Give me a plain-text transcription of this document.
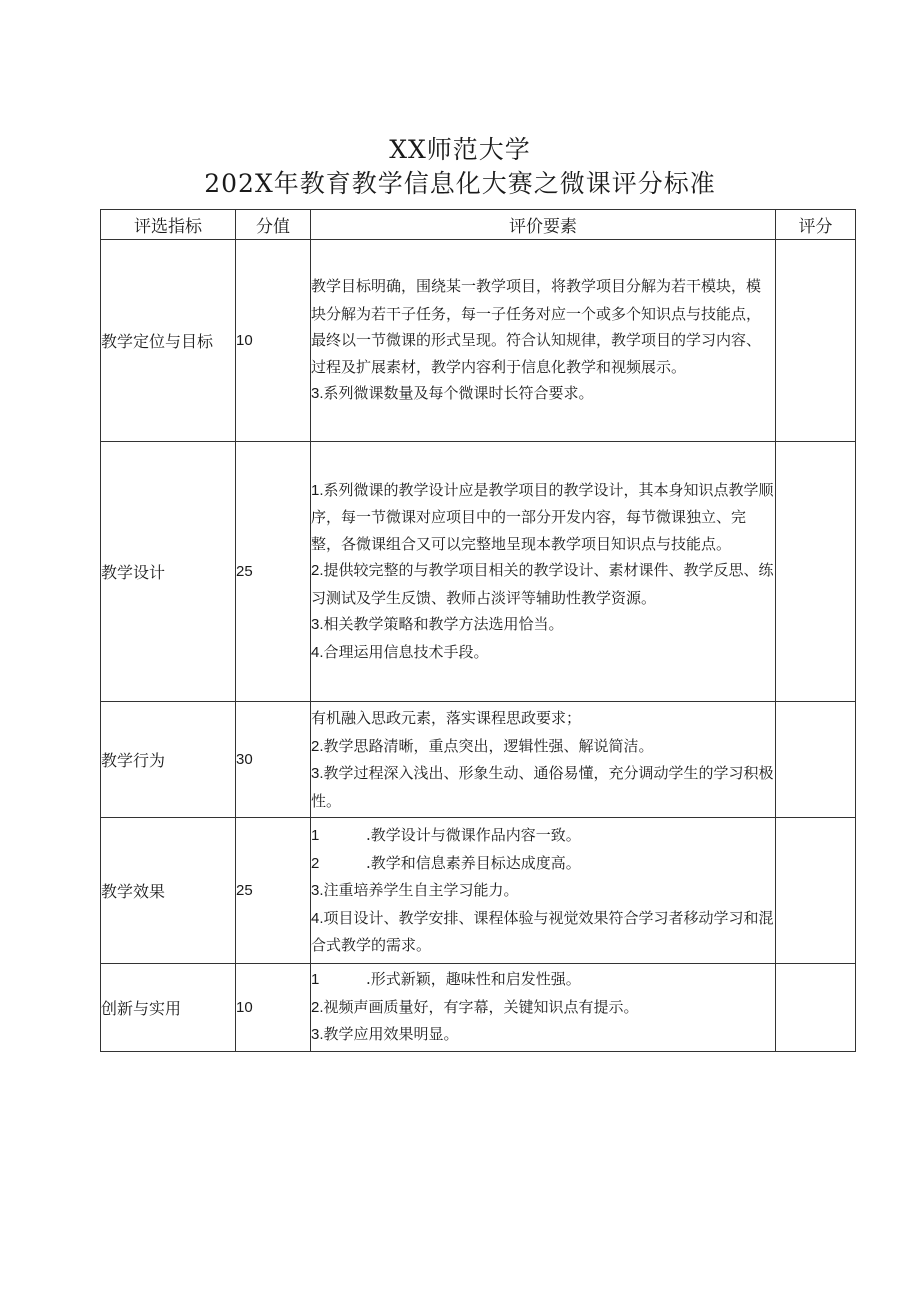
XX师范大学
202X年教育教学信息化大赛之微课评分标准
评选指标	分值	评价要素	评分
教学定位与目标	10	教学目标明确，围绕某一教学项目，将教学项目分解为若干模块，模块分解为若干子任务，每一子任务对应一个或多个知识点与技能点，最终以一节微课的形式呈现。符合认知规律，教学项目的学习内容、过程及扩展素材，教学内容利于信息化教学和视频展示。

3.系列微课数量及每个微课时长符合要求。	

教学设计	25	1.系列微课的教学设计应是教学项目的教学设计，其本身知识点教学顺序，每一节微课对应项目中的一部分开发内容，每节微课独立、完整，各微课组合又可以完整地呈现本教学项目知识点与技能点。

2.提供较完整的与教学项目相关的教学设计、素材课件、教学反思、练习测试及学生反馈、教师占淡评等辅助性教学资源。

3.相关教学策略和教学方法选用恰当。

4.合理运用信息技术手段。	

教学行为	30	有机融入思政元素，落实课程思政要求；

2.教学思路清晰，重点突出，逻辑性强、解说简洁。

3.教学过程深入浅出、形象生动、通俗易懂，充分调动学生的学习积极性。	

教学效果	25	1 .教学设计与微课作品内容一致。

2 .教学和信息素养目标达成度高。

3.注重培养学生自主学习能力。

4.项目设计、教学安排、课程体验与视觉效果符合学习者移动学习和混合式教学的需求。	

创新与实用	10	1 .形式新颖，趣味性和启发性强。

2.视频声画质量好，有字幕，关键知识点有提示。

3.教学应用效果明显。	
